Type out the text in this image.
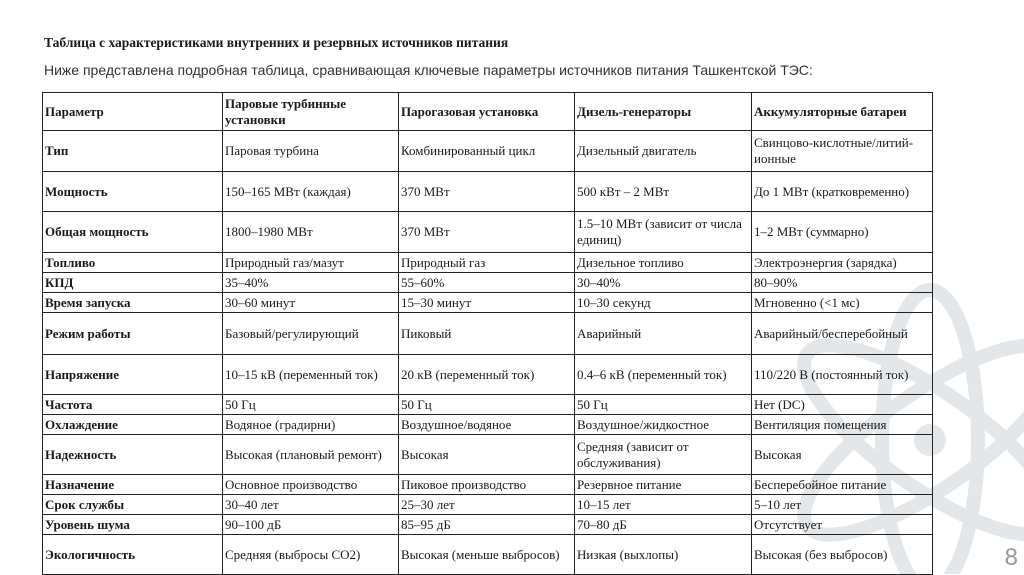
Таблица с характеристиками внутренних и резервных источников питания
Ниже представлена подробная таблица, сравнивающая ключевые параметры источников питания Ташкентской ТЭС:
Параметр	Паровые турбинные установки	Парогазовая установка	Дизель-генераторы	Аккумуляторные батареи
Тип	Паровая турбина	Комбинированный цикл	Дизельный двигатель	Свинцово-кислотные/литий-ионные
Мощность	150–165 МВт (каждая)	370 МВт	500 кВт – 2 МВт	До 1 МВт (кратковременно)
Общая мощность	1800–1980 МВт	370 МВт	1.5–10 МВт (зависит от числа единиц)	1–2 МВт (суммарно)
Топливо	Природный газ/мазут	Природный газ	Дизельное топливо	Электроэнергия (зарядка)
КПД	35–40%	55–60%	30–40%	80–90%
Время запуска	30–60 минут	15–30 минут	10–30 секунд	Мгновенно (<1 мс)
Режим работы	Базовый/регулирующий	Пиковый	Аварийный	Аварийный/бесперебойный
Напряжение	10–15 кВ (переменный ток)	20 кВ (переменный ток)	0.4–6 кВ (переменный ток)	110/220 В (постоянный ток)
Частота	50 Гц	50 Гц	50 Гц	Нет (DC)
Охлаждение	Водяное (градирни)	Воздушное/водяное	Воздушное/жидкостное	Вентиляция помещения
Надежность	Высокая (плановый ремонт)	Высокая	Средняя (зависит от обслуживания)	Высокая
Назначение	Основное производство	Пиковое производство	Резервное питание	Бесперебойное питание
Срок службы	30–40 лет	25–30 лет	10–15 лет	5–10 лет
Уровень шума	90–100 дБ	85–95 дБ	70–80 дБ	Отсутствует
Экологичность	Средняя (выбросы CO2)	Высокая (меньше выбросов)	Низкая (выхлопы)	Высокая (без выбросов)	8
